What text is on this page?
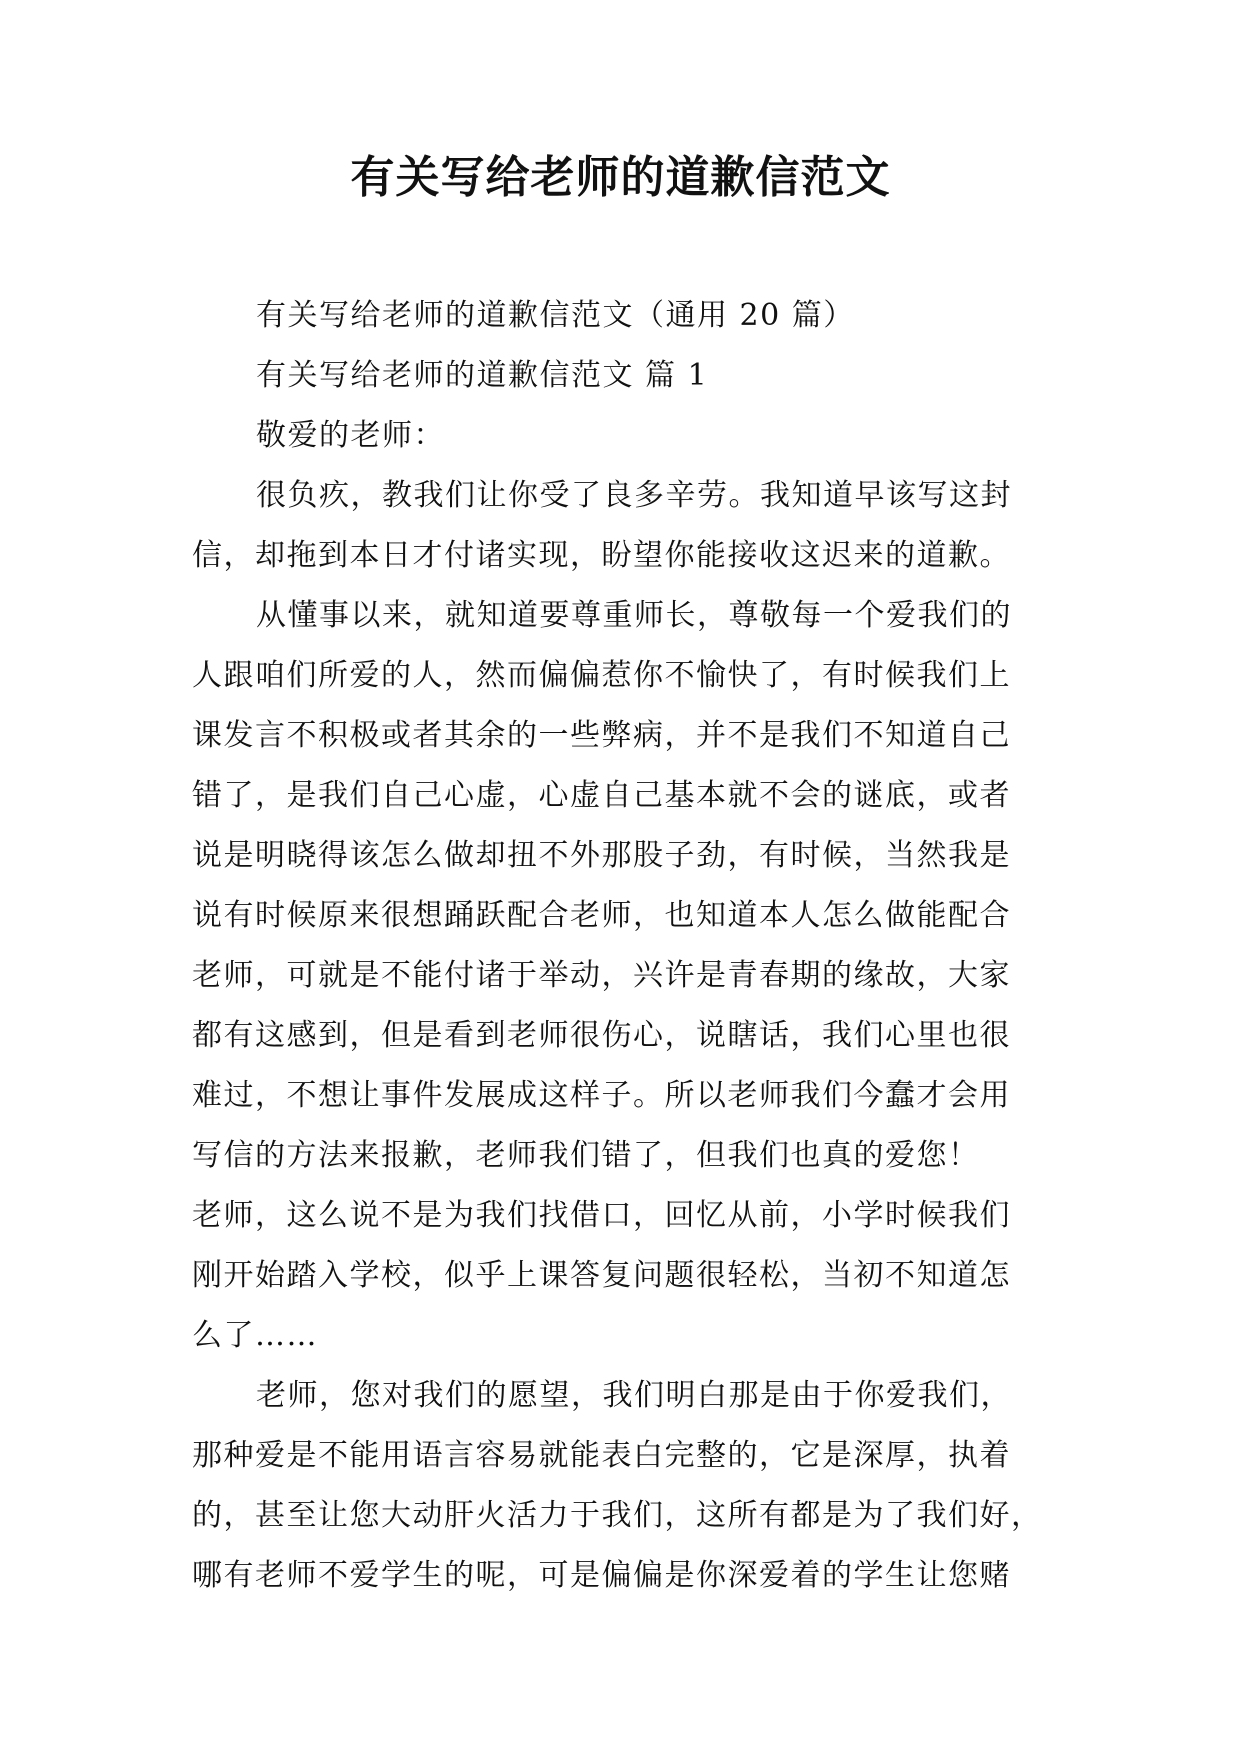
有关写给老师的道歉信范文

有关写给老师的道歉信范文（通用 20 篇）

有关写给老师的道歉信范文 篇 1

敬爱的老师：

很负疚，教我们让你受了良多辛劳。我知道早该写这封

信，却拖到本日才付诸实现，盼望你能接收这迟来的道歉。

从懂事以来，就知道要尊重师长，尊敬每一个爱我们的

人跟咱们所爱的人，然而偏偏惹你不愉快了，有时候我们上

课发言不积极或者其余的一些弊病，并不是我们不知道自己

错了，是我们自己心虚，心虚自己基本就不会的谜底，或者

说是明晓得该怎么做却扭不外那股子劲，有时候，当然我是

说有时候原来很想踊跃配合老师，也知道本人怎么做能配合

老师，可就是不能付诸于举动，兴许是青春期的缘故，大家

都有这感到，但是看到老师很伤心，说瞎话，我们心里也很

难过，不想让事件发展成这样子。所以老师我们今蠢才会用

写信的方法来报歉，老师我们错了，但我们也真的爱您！

老师，这么说不是为我们找借口，回忆从前，小学时候我们

刚开始踏入学校，似乎上课答复问题很轻松，当初不知道怎

么了……

老师，您对我们的愿望，我们明白那是由于你爱我们，

那种爱是不能用语言容易就能表白完整的，它是深厚，执着

的，甚至让您大动肝火活力于我们，这所有都是为了我们好，

哪有老师不爱学生的呢，可是偏偏是你深爱着的学生让您赌
